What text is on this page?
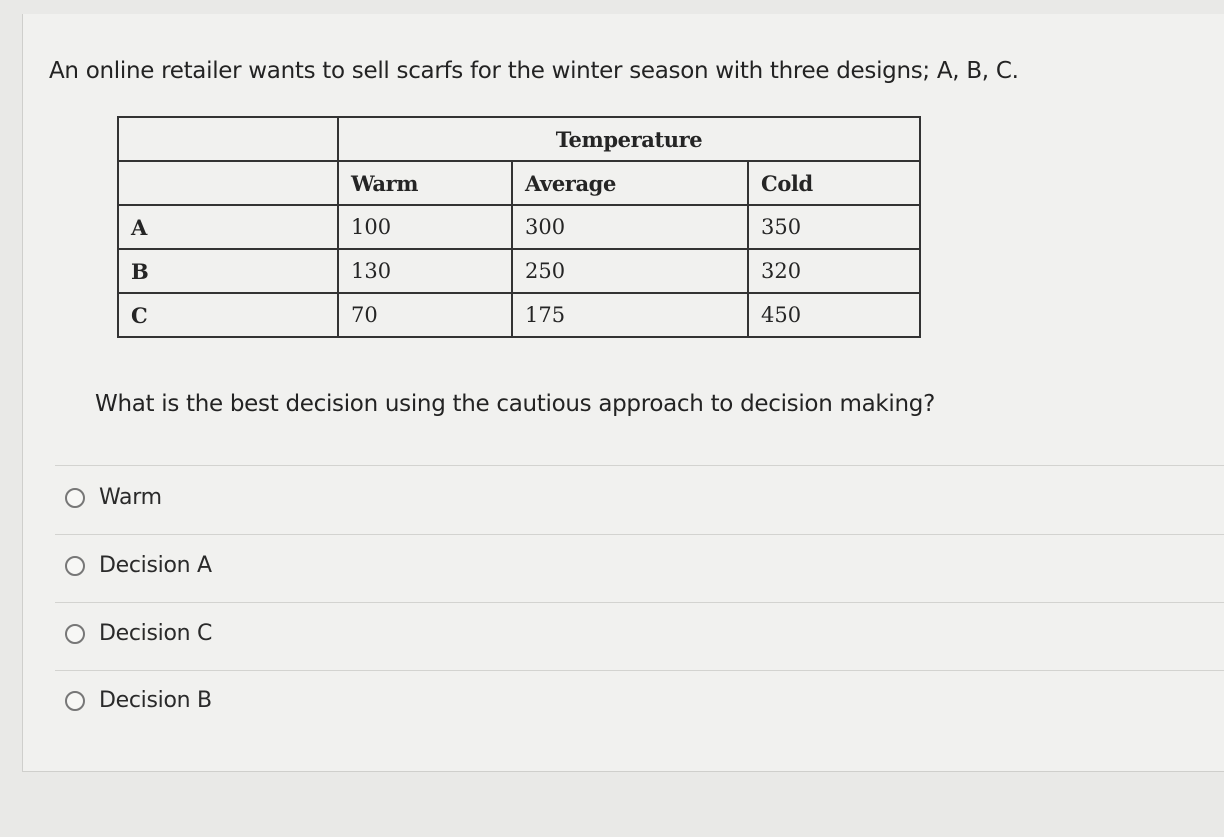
An online retailer wants to sell scarfs for the winter season with three designs; A, B, C.
	Temperature		
	Warm	Average	Cold
A	100	300	350
B	130	250	320
C	70	175	450
What is the best decision using the cautious approach to decision making?
Warm
Decision A
Decision C
Decision B
